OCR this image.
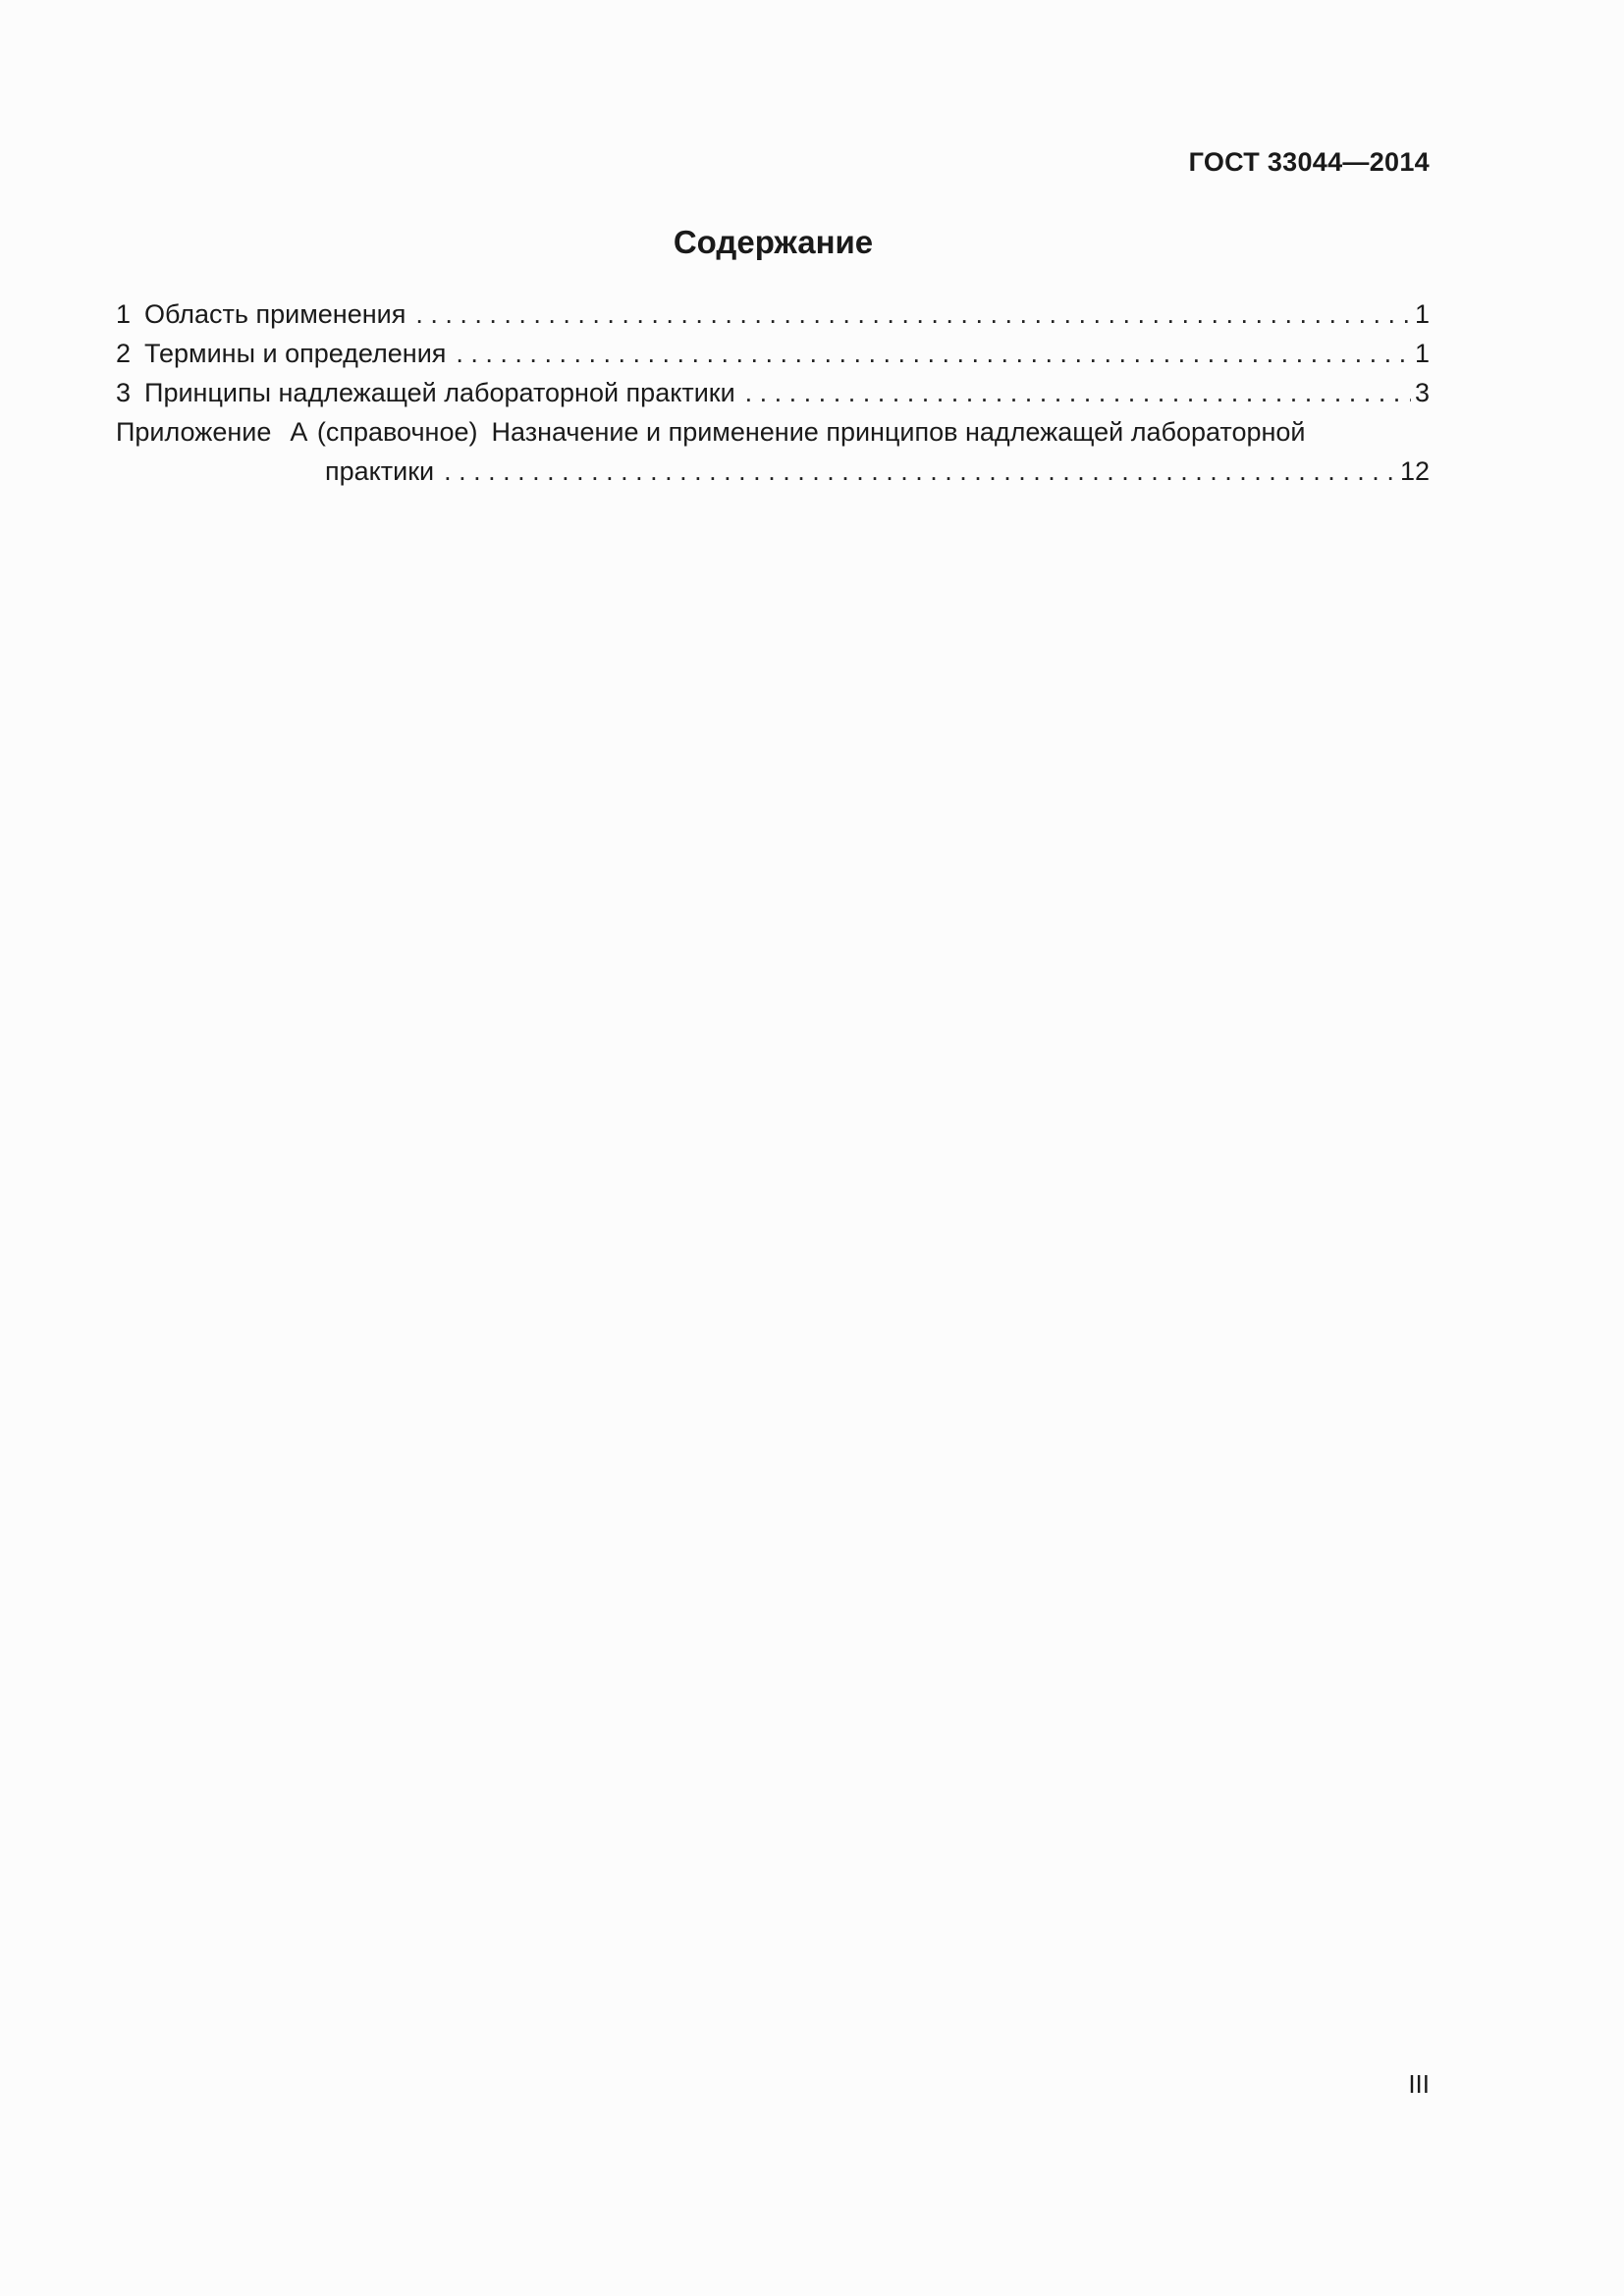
ГОСТ 33044—2014
Содержание
1 Область применения . . .	1
2 Термины и определения . . .	1
3 Принципы надлежащей лабораторной практики . . .	3
Приложение  А (справочное) Назначение и применение принципов надлежащей лабораторной
практики . . .	12
III
